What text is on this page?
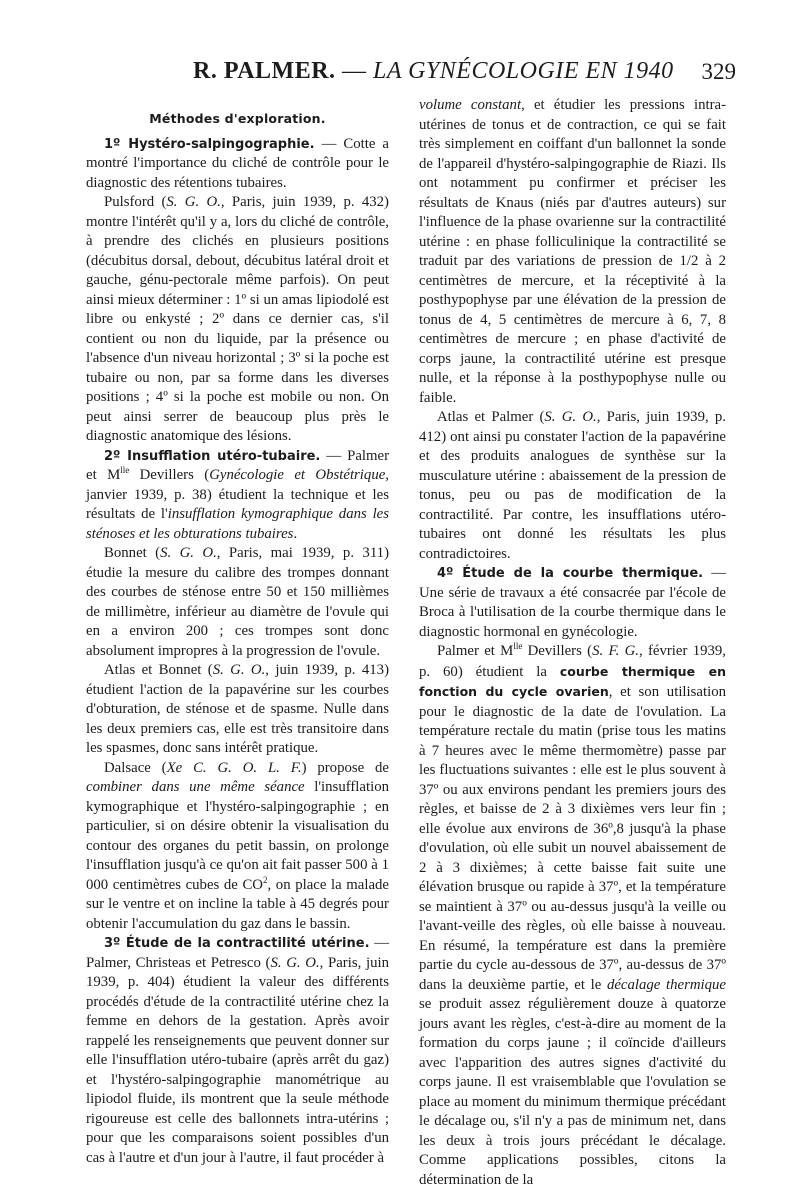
R. PALMER. — LA GYNÉCOLOGIE EN 1940 329
Méthodes d'exploration.

1º Hystéro-salpingographie. — Cotte a montré l'importance du cliché de contrôle pour le diagnostic des rétentions tubaires.

Pulsford (S. G. O., Paris, juin 1939, p. 432) montre l'intérêt qu'il y a, lors du cliché de contrôle, à prendre des clichés en plusieurs positions (décubitus dorsal, debout, décubitus latéral droit et gauche, génu-pectorale même parfois). On peut ainsi mieux déterminer : 1º si un amas lipiodolé est libre ou enkysté ; 2º dans ce dernier cas, s'il contient ou non du liquide, par la présence ou l'absence d'un niveau horizontal ; 3º si la poche est tubaire ou non, par sa forme dans les diverses positions ; 4º si la poche est mobile ou non. On peut ainsi serrer de beaucoup plus près le diagnostic anatomique des lésions.

2º Insufflation utéro-tubaire. — Palmer et $M^{lle}$ Devillers (Gynécologie et Obstétrique, janvier 1939, p. 38) étudient la technique et les résultats de l'insufflation kymographique dans les sténoses et les obturations tubaires.

Bonnet (S. G. O., Paris, mai 1939, p. 311) étudie la mesure du calibre des trompes donnant des courbes de sténose entre 50 et 150 millièmes de millimètre, inférieur au diamètre de l'ovule qui en a environ 200 ; ces trompes sont donc absolument impropres à la progression de l'ovule.

Atlas et Bonnet (S. G. O., juin 1939, p. 413) étudient l'action de la papavérine sur les courbes d'obturation, de sténose et de spasme. Nulle dans les deux premiers cas, elle est très transitoire dans les spasmes, donc sans intérêt pratique.

Dalsace (Xe C. G. O. L. F.) propose de combiner dans une même séance l'insufflation kymographique et l'hystéro-salpingographie ; en particulier, si on désire obtenir la visualisation du contour des organes du petit bassin, on prolonge l'insufflation jusqu'à ce qu'on ait fait passer 500 à 1 000 centimètres cubes de $CO^2$, on place la malade sur le ventre et on incline la table à 45 degrés pour obtenir l'accumulation du gaz dans le bassin.

3º Étude de la contractilité utérine. — Palmer, Christeas et Petresco (S. G. O., Paris, juin 1939, p. 404) étudient la valeur des différents procédés d'étude de la contractilité utérine chez la femme en dehors de la gestation. Après avoir rappelé les renseignements que peuvent donner sur elle l'insufflation utéro-tubaire (après arrêt du gaz) et l'hystéro-salpingographie manométrique au lipiodol fluide, ils montrent que la seule méthode rigoureuse est celle des ballonnets intra-utérins ; pour que les comparaisons soient possibles d'un cas à l'autre et d'un jour à l'autre, il faut procéder à

volume constant, et étudier les pressions intra-utérines de tonus et de contraction, ce qui se fait très simplement en coiffant d'un ballonnet la sonde de l'appareil d'hystéro-salpingographie de Riazi. Ils ont notamment pu confirmer et préciser les résultats de Knaus (niés par d'autres auteurs) sur l'influence de la phase ovarienne sur la contractilité utérine : en phase folliculinique la contractilité se traduit par des variations de pression de 1/2 à 2 centimètres de mercure, et la réceptivité à la posthypophyse par une élévation de la pression de tonus de 4, 5 centimètres de mercure à 6, 7, 8 centimètres de mercure ; en phase d'activité de corps jaune, la contractilité utérine est presque nulle, et la réponse à la posthypophyse nulle ou faible.

Atlas et Palmer (S. G. O., Paris, juin 1939, p. 412) ont ainsi pu constater l'action de la papavérine et des produits analogues de synthèse sur la musculature utérine : abaissement de la pression de tonus, peu ou pas de modification de la contractilité. Par contre, les insufflations utéro-tubaires ont donné les résultats les plus contradictoires.

4º Étude de la courbe thermique. — Une série de travaux a été consacrée par l'école de Broca à l'utilisation de la courbe thermique dans le diagnostic hormonal en gynécologie.

Palmer et $M^{lle}$ Devillers (S. F. G., février 1939, p. 60) étudient la courbe thermique en fonction du cycle ovarien, et son utilisation pour le diagnostic de la date de l'ovulation. La température rectale du matin (prise tous les matins à 7 heures avec le même thermomètre) passe par les fluctuations suivantes : elle est le plus souvent à 37º ou aux environs pendant les premiers jours des règles, et baisse de 2 à 3 dixièmes vers leur fin ; elle évolue aux environs de 36º,8 jusqu'à la phase d'ovulation, où elle subit un nouvel abaissement de 2 à 3 dixièmes; à cette baisse fait suite une élévation brusque ou rapide à 37º, et la température se maintient à 37º ou au-dessus jusqu'à la veille ou l'avant-veille des règles, où elle baisse à nouveau. En résumé, la température est dans la première partie du cycle au-dessous de 37º, au-dessus de 37º dans la deuxième partie, et le décalage thermique se produit assez régulièrement douze à quatorze jours avant les règles, c'est-à-dire au moment de la formation du corps jaune ; il coïncide d'ailleurs avec l'apparition des autres signes d'activité du corps jaune. Il est vraisemblable que l'ovulation se place au moment du minimum thermique précédant le décalage ou, s'il n'y a pas de minimum net, dans les deux à trois jours précédant le décalage. Comme applications possibles, citons la détermination de la
